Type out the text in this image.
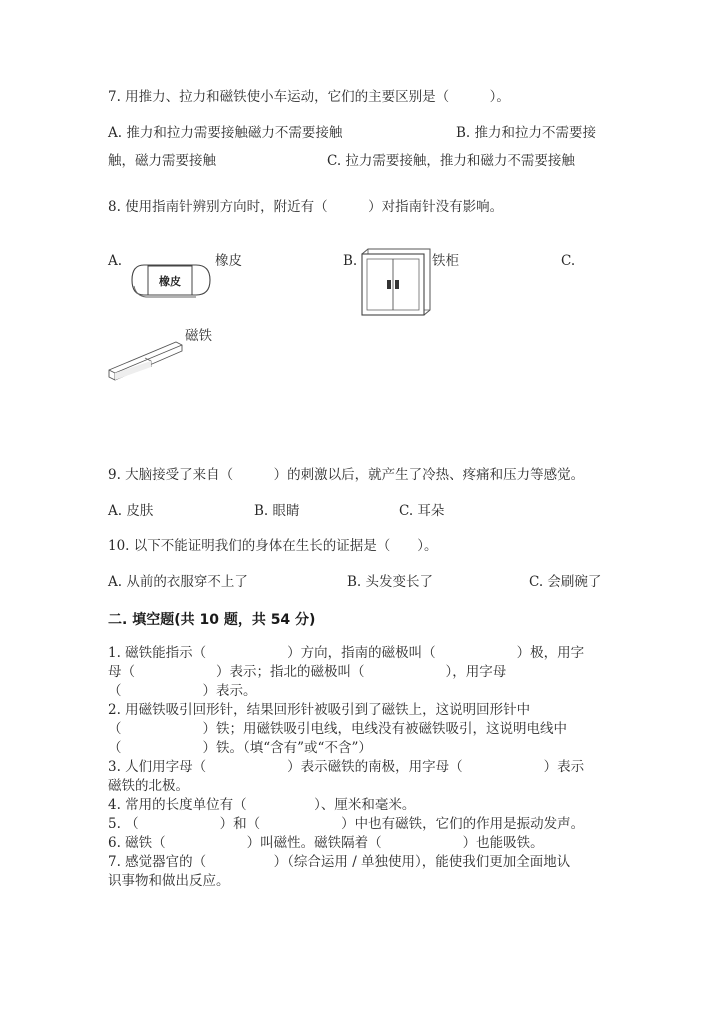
7. 用推力、拉力和磁铁使小车运动，它们的主要区别是（　　　）。
A. 推力和拉力需要接触磁力不需要接触	B. 推力和拉力不需要接
触，磁力需要接触	C. 拉力需要接触，推力和磁力不需要接触
8. 使用指南针辨别方向时，附近有（　　　）对指南针没有影响。
A.
橡皮
橡皮	B.	铁柜	C.
磁铁
9. 大脑接受了来自（　　　）的刺激以后，就产生了冷热、疼痛和压力等感觉。
A. 皮肤	B. 眼睛	C. 耳朵
10. 以下不能证明我们的身体在生长的证据是（　　）。
A. 从前的衣服穿不上了	B. 头发变长了	C. 会刷碗了
二. 填空题(共 10 题，共 54 分)
1. 磁铁能指示（　　　　　　）方向，指南的磁极叫（　　　　　　）极，用字
母（　　　　　　）表示；指北的磁极叫（　　　　　　），用字母
（　　　　　　）表示。
2. 用磁铁吸引回形针，结果回形针被吸引到了磁铁上，这说明回形针中
（　　　　　　）铁；用磁铁吸引电线，电线没有被磁铁吸引，这说明电线中
（　　　　　　）铁。（填“含有”或“不含”）
3. 人们用字母（　　　　　　）表示磁铁的南极，用字母（　　　　　　）表示
磁铁的北极。
4. 常用的长度单位有（　　　　　）、厘米和毫米。
5. （　　　　　　）和（　　　　　　）中也有磁铁，它们的作用是振动发声。
6. 磁铁（　　　　　　）叫磁性。磁铁隔着（　　　　　　）也能吸铁。
7. 感觉器官的（　　　　　）（综合运用 / 单独使用），能使我们更加全面地认
识事物和做出反应。
